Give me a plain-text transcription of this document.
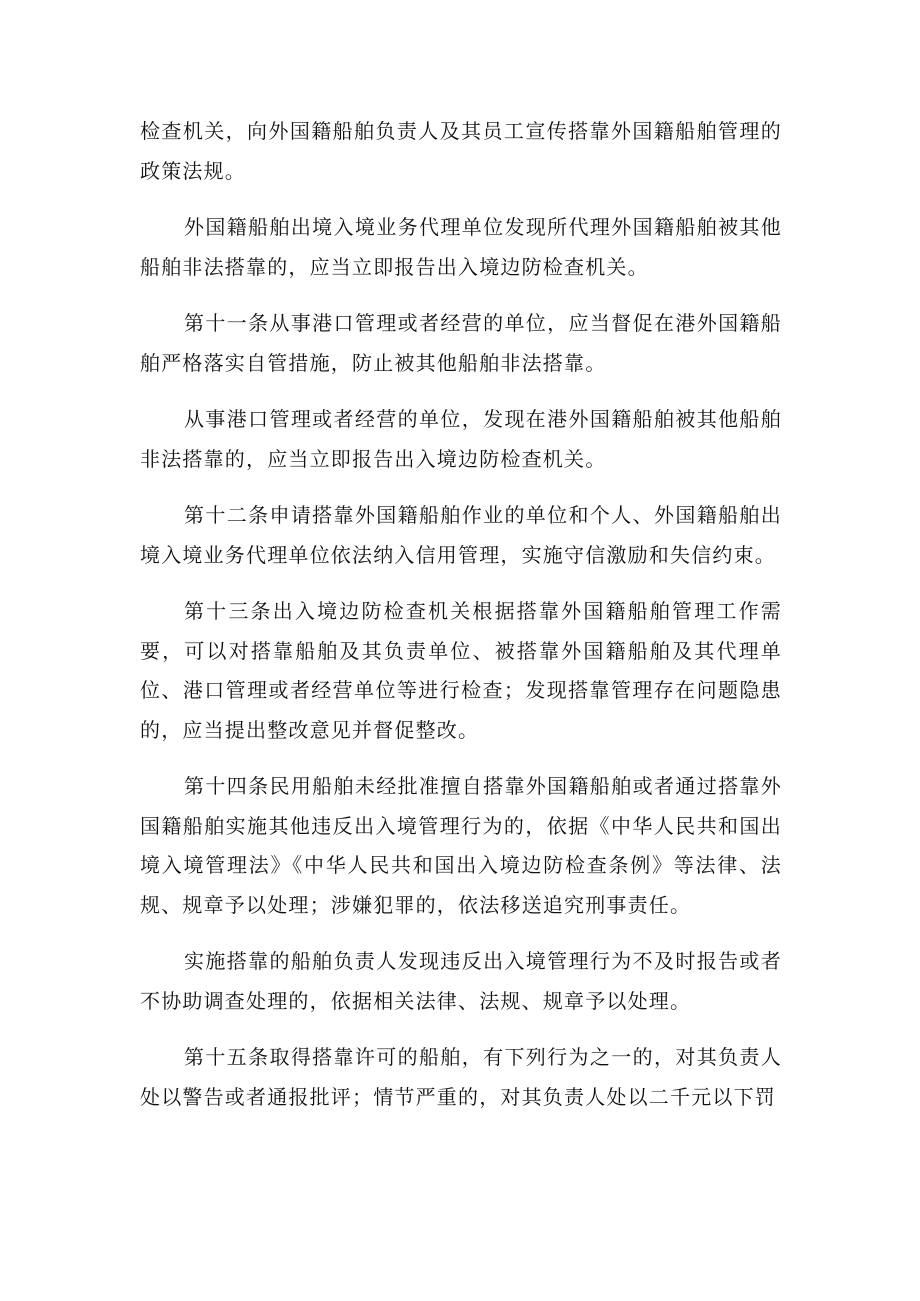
检查机关，向外国籍船舶负责人及其员工宣传搭靠外国籍船舶管理的政策法规。

外国籍船舶出境入境业务代理单位发现所代理外国籍船舶被其他船舶非法搭靠的，应当立即报告出入境边防检查机关。

第十一条从事港口管理或者经营的单位，应当督促在港外国籍船舶严格落实自管措施，防止被其他船舶非法搭靠。

从事港口管理或者经营的单位，发现在港外国籍船舶被其他船舶非法搭靠的，应当立即报告出入境边防检查机关。

第十二条申请搭靠外国籍船舶作业的单位和个人、外国籍船舶出境入境业务代理单位依法纳入信用管理，实施守信激励和失信约束。

第十三条出入境边防检查机关根据搭靠外国籍船舶管理工作需要，可以对搭靠船舶及其负责单位、被搭靠外国籍船舶及其代理单位、港口管理或者经营单位等进行检查；发现搭靠管理存在问题隐患的，应当提出整改意见并督促整改。

第十四条民用船舶未经批准擅自搭靠外国籍船舶或者通过搭靠外国籍船舶实施其他违反出入境管理行为的，依据《中华人民共和国出境入境管理法》《中华人民共和国出入境边防检查条例》等法律、法规、规章予以处理；涉嫌犯罪的，依法移送追究刑事责任。

实施搭靠的船舶负责人发现违反出入境管理行为不及时报告或者不协助调查处理的，依据相关法律、法规、规章予以处理。

第十五条取得搭靠许可的船舶，有下列行为之一的，对其负责人处以警告或者通报批评；情节严重的，对其负责人处以二千元以下罚
